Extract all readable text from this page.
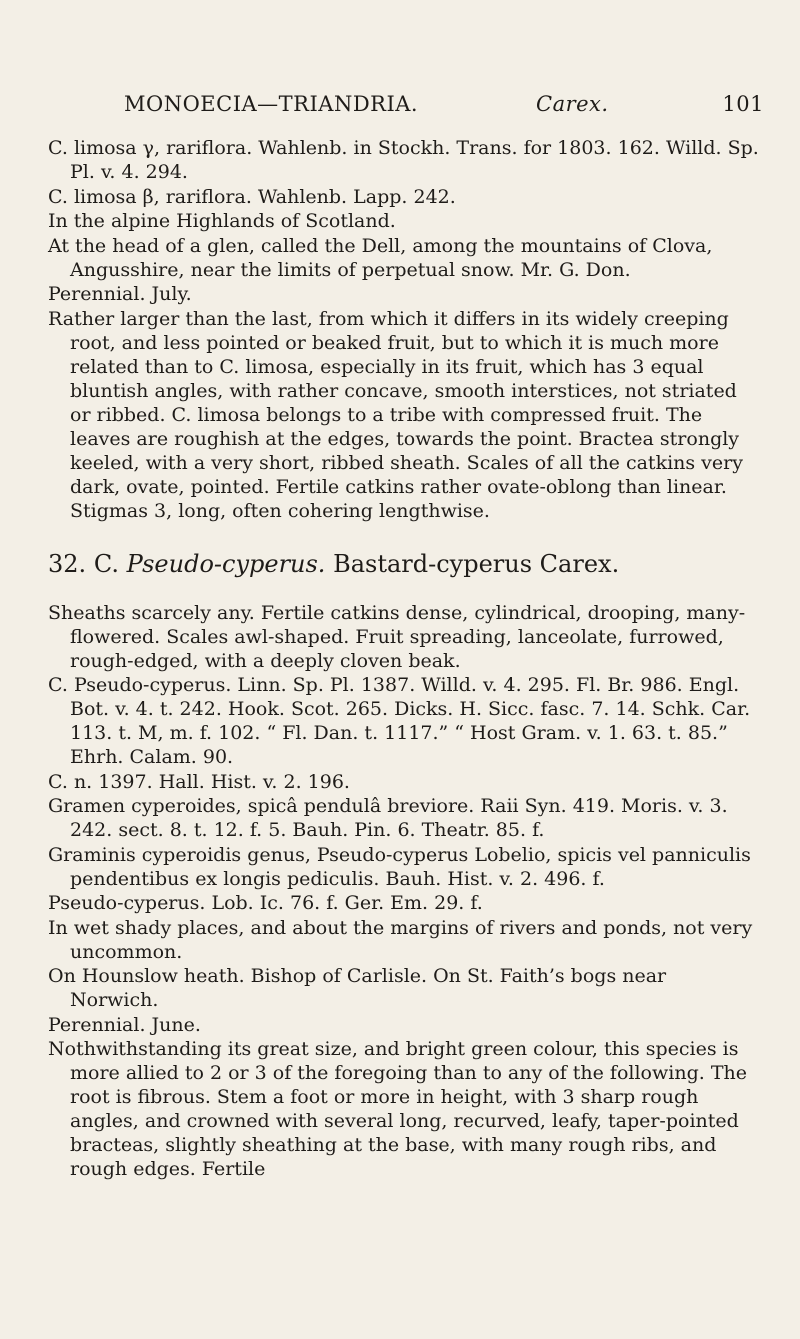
MONOECIA—TRIANDRIA.	Carex.	101

C. limosa γ, rariflora. Wahlenb. in Stockh. Trans. for 1803. 162. Willd. Sp. Pl. v. 4. 294.

C. limosa β, rariflora. Wahlenb. Lapp. 242.

In the alpine Highlands of Scotland.

At the head of a glen, called the Dell, among the mountains of Clova, Angusshire, near the limits of perpetual snow. Mr. G. Don.

Perennial. July.

Rather larger than the last, from which it differs in its widely creeping root, and less pointed or beaked fruit, but to which it is much more related than to C. limosa, especially in its fruit, which has 3 equal bluntish angles, with rather concave, smooth interstices, not striated or ribbed. C. limosa belongs to a tribe with compressed fruit. The leaves are roughish at the edges, towards the point. Bractea strongly keeled, with a very short, ribbed sheath. Scales of all the catkins very dark, ovate, pointed. Fertile catkins rather ovate-oblong than linear. Stigmas 3, long, often cohering lengthwise.

32. C. Pseudo-cyperus. Bastard-cyperus Carex.

Sheaths scarcely any. Fertile catkins dense, cylindrical, drooping, many-flowered. Scales awl-shaped. Fruit spreading, lanceolate, furrowed, rough-edged, with a deeply cloven beak.

C. Pseudo-cyperus. Linn. Sp. Pl. 1387. Willd. v. 4. 295. Fl. Br. 986. Engl. Bot. v. 4. t. 242. Hook. Scot. 265. Dicks. H. Sicc. fasc. 7. 14. Schk. Car. 113. t. M, m. f. 102. “ Fl. Dan. t. 1117.” “ Host Gram. v. 1. 63. t. 85.” Ehrh. Calam. 90.

C. n. 1397. Hall. Hist. v. 2. 196.

Gramen cyperoides, spicâ pendulâ breviore. Raii Syn. 419. Moris. v. 3. 242. sect. 8. t. 12. f. 5. Bauh. Pin. 6. Theatr. 85. f.

Graminis cyperoidis genus, Pseudo-cyperus Lobelio, spicis vel panniculis pendentibus ex longis pediculis. Bauh. Hist. v. 2. 496. f.

Pseudo-cyperus. Lob. Ic. 76. f. Ger. Em. 29. f.

In wet shady places, and about the margins of rivers and ponds, not very uncommon.

On Hounslow heath. Bishop of Carlisle. On St. Faith’s bogs near Norwich.

Perennial. June.

Nothwithstanding its great size, and bright green colour, this species is more allied to 2 or 3 of the foregoing than to any of the following. The root is fibrous. Stem a foot or more in height, with 3 sharp rough angles, and crowned with several long, recurved, leafy, taper-pointed bracteas, slightly sheathing at the base, with many rough ribs, and rough edges. Fertile
